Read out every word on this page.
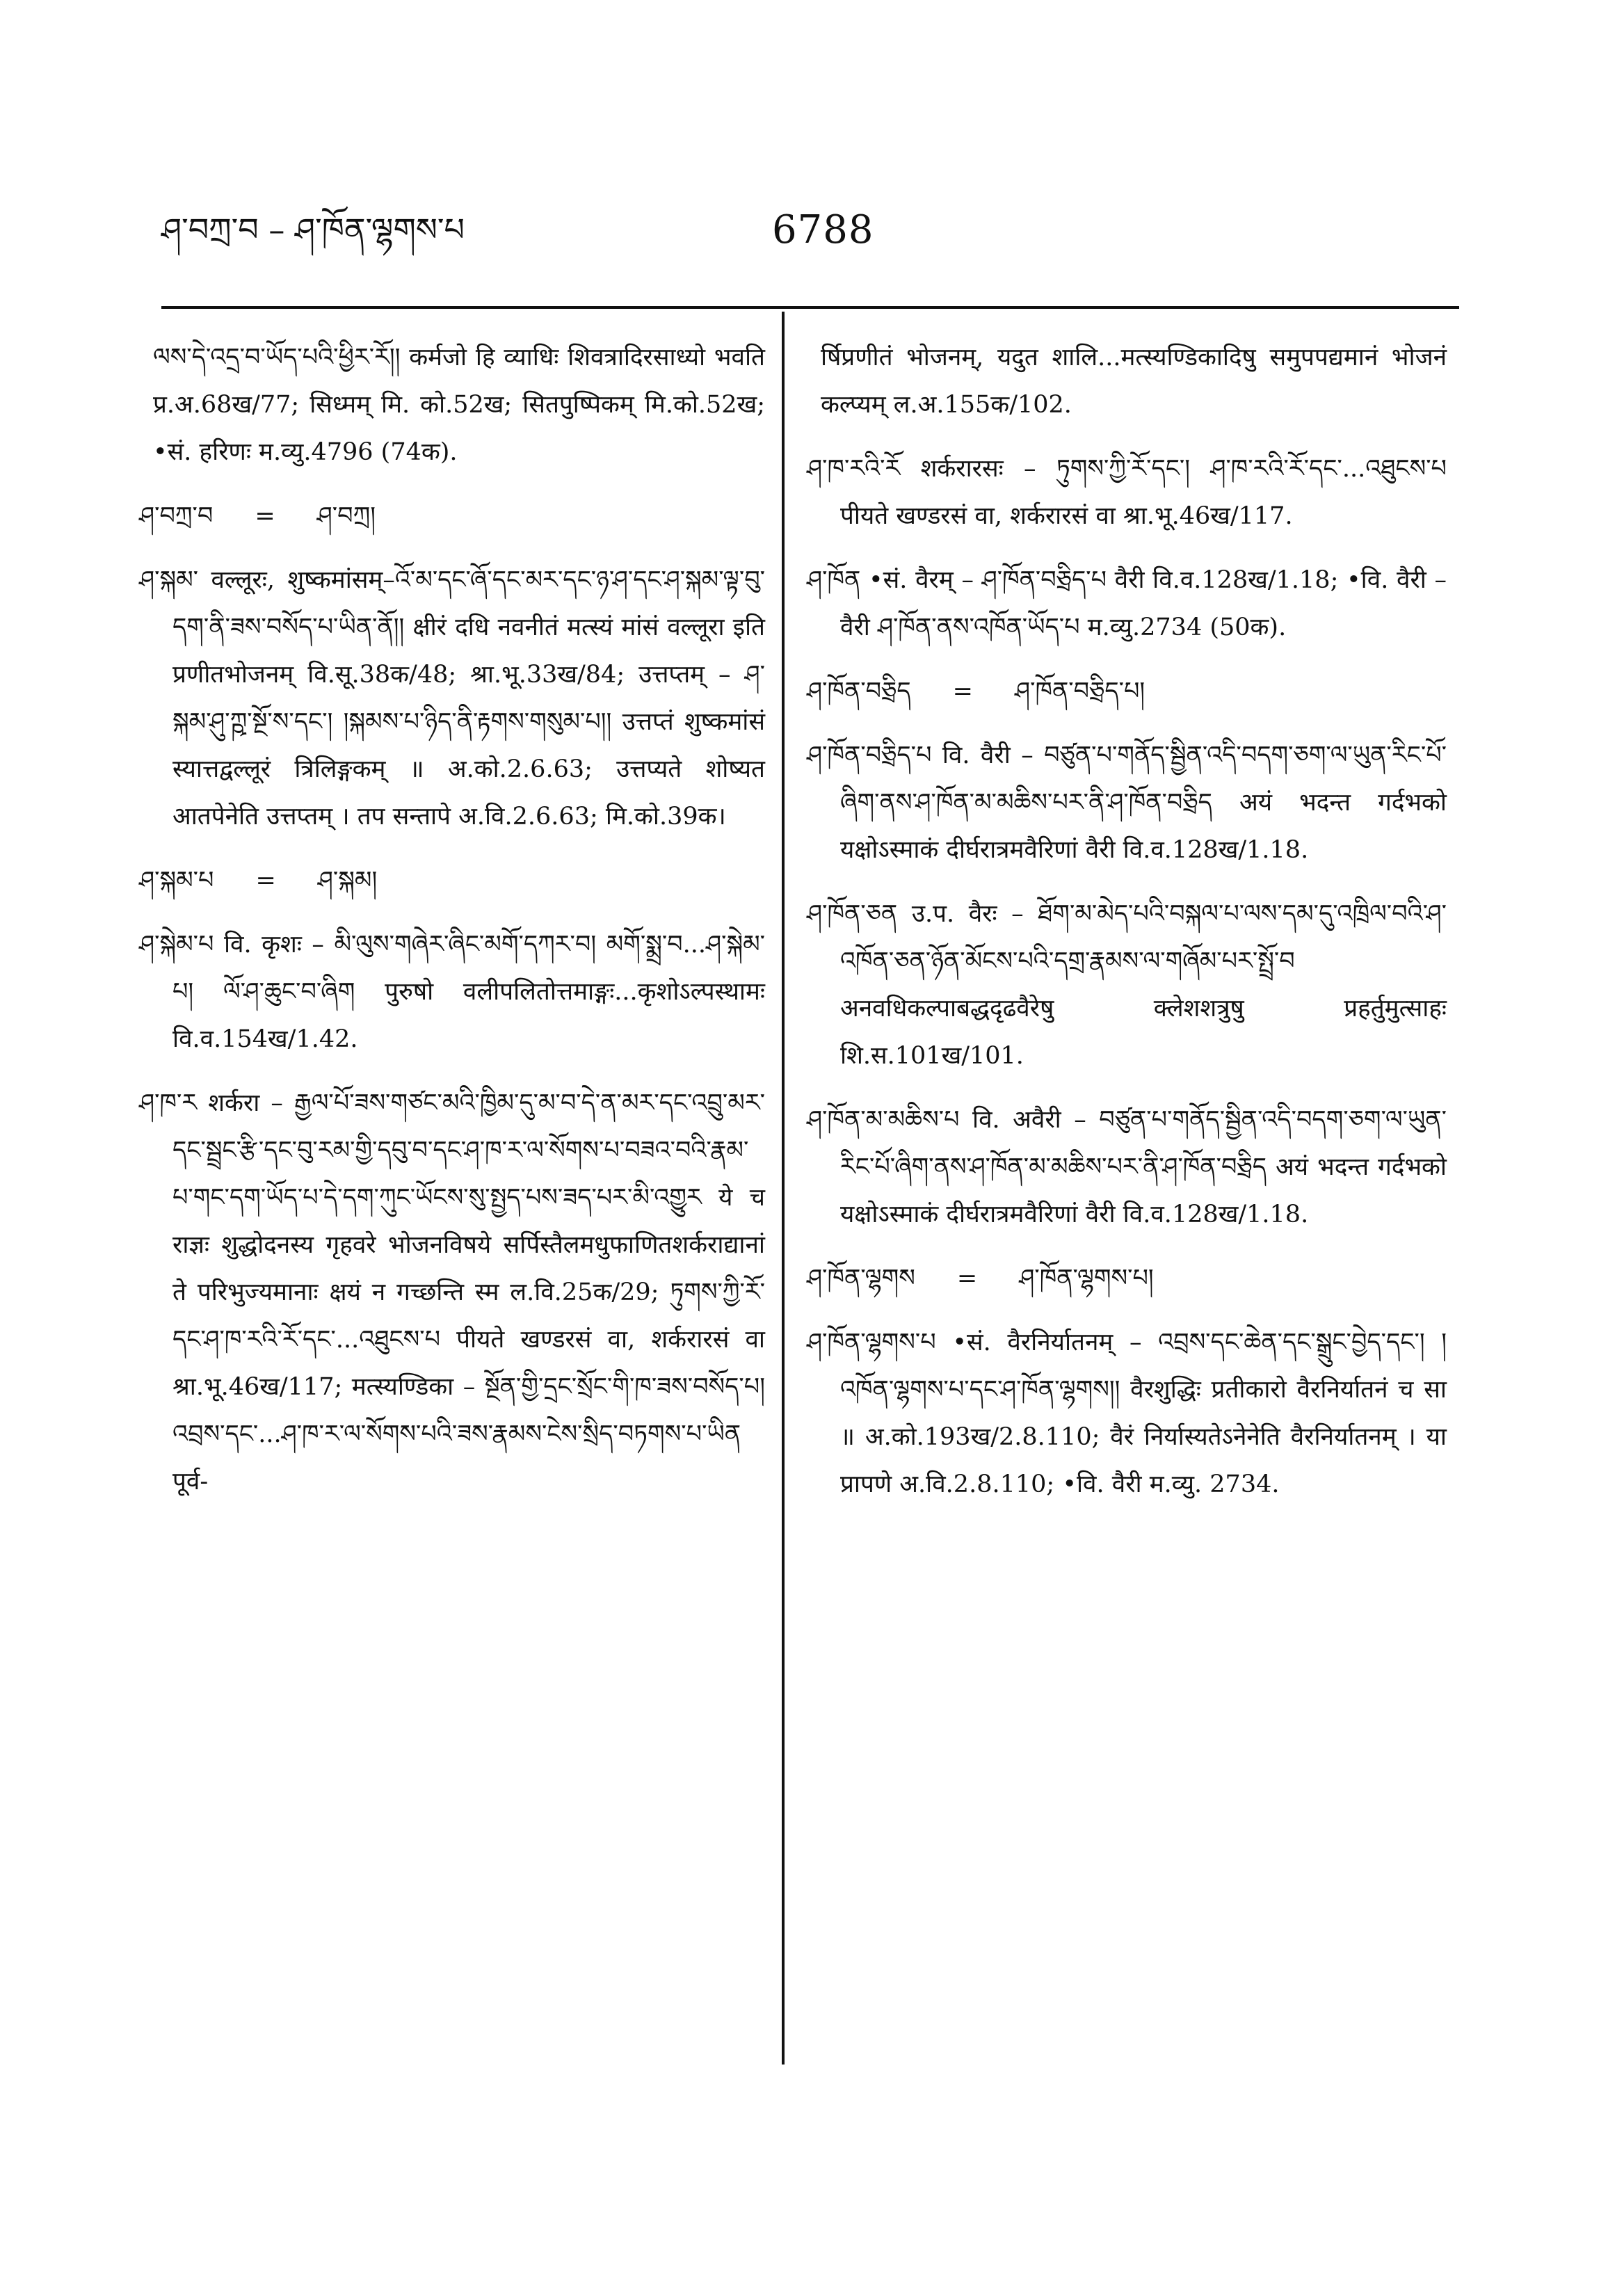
ཤ་བཀྲ་བ – ཤ་ཁོན་ལྷགས་པ	6788

ལས་དེ་འདྲ་བ་ཡོད་པའི་ཕྱིར་རོ།། कर्मजो हि व्याधिः शिवत्रादिरसाध्यो भवति प्र.अ.68ख/77; सिध्मम् मि. को.52ख; सितपुष्पिकम् मि.को.52ख; •सं. हरिणः म.व्यु.4796 (74क).

ཤ་བཀྲ་བ = ཤ་བཀྲ།

ཤ་སྐམ་ वल्लूरः, शुष्कमांसम्–འོ་མ་དང་ཞོ་དང་མར་དང་ཉ་ཤ་དང་ཤ་སྐམ་ལྟ་བུ་དག་ནི་ཟས་བསོད་པ་ཡིན་ནོ།། क्षीरं दधि नवनीतं मत्स्यं मांसं वल्लूरा इति प्रणीतभोजनम् वि.सू.38क/48; श्रा.भू.33ख/84; उत्तप्तम् – ཤ་སྐམ་ཤུ་ཀྵ་སྔོ་ས་དང་། །སྐམས་པ་ཉིད་ནི་རྟགས་གསུམ་པ།། उत्तप्तं शुष्कमांसं स्यात्तद्वल्लूरं त्रिलिङ्गकम् ॥ अ.को.2.6.63; उत्तप्यते शोष्यत आतपेनेति उत्तप्तम् । तप सन्तापे अ.वि.2.6.63; मि.को.39क।

ཤ་སྐམ་པ = ཤ་སྐམ།

ཤ་སྐེམ་པ वि. कृशः – མི་ལུས་གཞེར་ཞིང་མགོ་དཀར་བ། མགོ་སྨྲ་བ...ཤ་སྐེམ་པ། ལོ་ཤ་ཆུང་བ་ཞིག पुरुषो वलीपलितोत्तमाङ्गः...कृशोऽल्पस्थामः वि.व.154ख/1.42.

ཤ་ཁ་ར शर्करा – རྒྱལ་པོ་ཟས་གཙང་མའི་ཁྱིམ་དུ་མ་བ་དེ་ན་མར་དང་འབྲུ་མར་དང་སྦྲང་རྩི་དང་བུ་རམ་གྱི་དབུ་བ་དང་ཤ་ཁ་ར་ལ་སོགས་པ་བཟའ་བའི་རྣམ་པ་གང་དག་ཡོད་པ་དེ་དག་ཀུང་ཡོངས་སུ་སྤྱད་པས་ཟད་པར་མི་འགྱུར ये च राज्ञः शुद्धोदनस्य गृहवरे भोजनविषये सर्पिस्तैलमधुफाणितशर्कराद्यानां ते परिभुज्यमानाः क्षयं न गच्छन्ति स्म ल.वि.25क/29; ཏུགས་ཀྱི་རོ་དང་ཤ་ཁ་རའི་རོ་དང་...འཐུངས་པ पीयते खण्डरसं वा, शर्करारसं वा श्रा.भू.46ख/117; मत्स्यण्डिका – སྔོན་གྱི་དྲང་སྲོང་གི་ཁ་ཟས་བསོད་པ། འབྲས་དང་...ཤ་ཁ་ར་ལ་སོགས་པའི་ཟས་རྣམས་ངེས་སྲིད་བཏགས་པ་ཡིན पूर्व-

र्षिप्रणीतं भोजनम्, यदुत शालि...मत्स्यण्डिकादिषु समुपपद्यमानं भोजनं कल्प्यम् ल.अ.155क/102.

ཤ་ཁ་རའི་རོ शर्करारसः – ཏུགས་ཀྱི་རོ་དང་། ཤ་ཁ་རའི་རོ་དང་...འཐུངས་པ पीयते खण्डरसं वा, शर्करारसं वा श्रा.भू.46ख/117.

ཤ་ཁོན •सं. वैरम् – ཤ་ཁོན་བཅྲིད་པ वैरी वि.व.128ख/1.18; •वि. वैरी – वैरी ཤ་ཁོན་ནས་འཁོན་ཡོད་པ म.व्यु.2734 (50क).

ཤ་ཁོན་བཅྲིད = ཤ་ཁོན་བཅྲིད་པ།

ཤ་ཁོན་བཅྲིད་པ वि. वैरी – བཙུན་པ་གནོད་སྦྱིན་འདི་བདག་ཅག་ལ་ཡུན་རིང་པོ་ཞིག་ནས་ཤ་ཁོན་མ་མཆིས་པར་ནི་ཤ་ཁོན་བཅྲིད अयं भदन्त गर्दभको यक्षोऽस्माकं दीर्घरात्रमवैरिणां वैरी वि.व.128ख/1.18.

ཤ་ཁོན་ཅན उ.प. वैरः – ཐོག་མ་མེད་པའི་བསྐལ་པ་ལས་དམ་དུ་འཁྲིལ་བའི་ཤ་འཁོན་ཅན་ཉོན་མོངས་པའི་དགྲ་རྣམས་ལ་གཞོམ་པར་སྤྲོ་བ अनवधिकल्पाबद्धदृढवैरेषु क्लेशशत्रुषु प्रहर्तुमुत्साहः शि.स.101ख/101.

ཤ་ཁོན་མ་མཆིས་པ वि. अवैरी – བཙུན་པ་གནོད་སྦྱིན་འདི་བདག་ཅག་ལ་ཡུན་རིང་པོ་ཞིག་ནས་ཤ་ཁོན་མ་མཆིས་པར་ནི་ཤ་ཁོན་བཅྲིད अयं भदन्त गर्दभको यक्षोऽस्माकं दीर्घरात्रमवैरिणां वैरी वि.व.128ख/1.18.

ཤ་ཁོན་ལྷགས = ཤ་ཁོན་ལྷགས་པ།

ཤ་ཁོན་ལྷགས་པ •सं. वैरनिर्यातनम् – འབྲས་དང་ཆེན་དང་སྒྲུང་བྱེད་དང་། །འཁོན་ལྷགས་པ་དང་ཤ་ཁོན་ལྷགས།། वैरशुद्धिः प्रतीकारो वैरनिर्यातनं च सा ॥ अ.को.193ख/2.8.110; वैरं निर्यास्यतेऽनेनेति वैरनिर्यातनम् । या प्रापणे अ.वि.2.8.110; •वि. वैरी म.व्यु. 2734.
